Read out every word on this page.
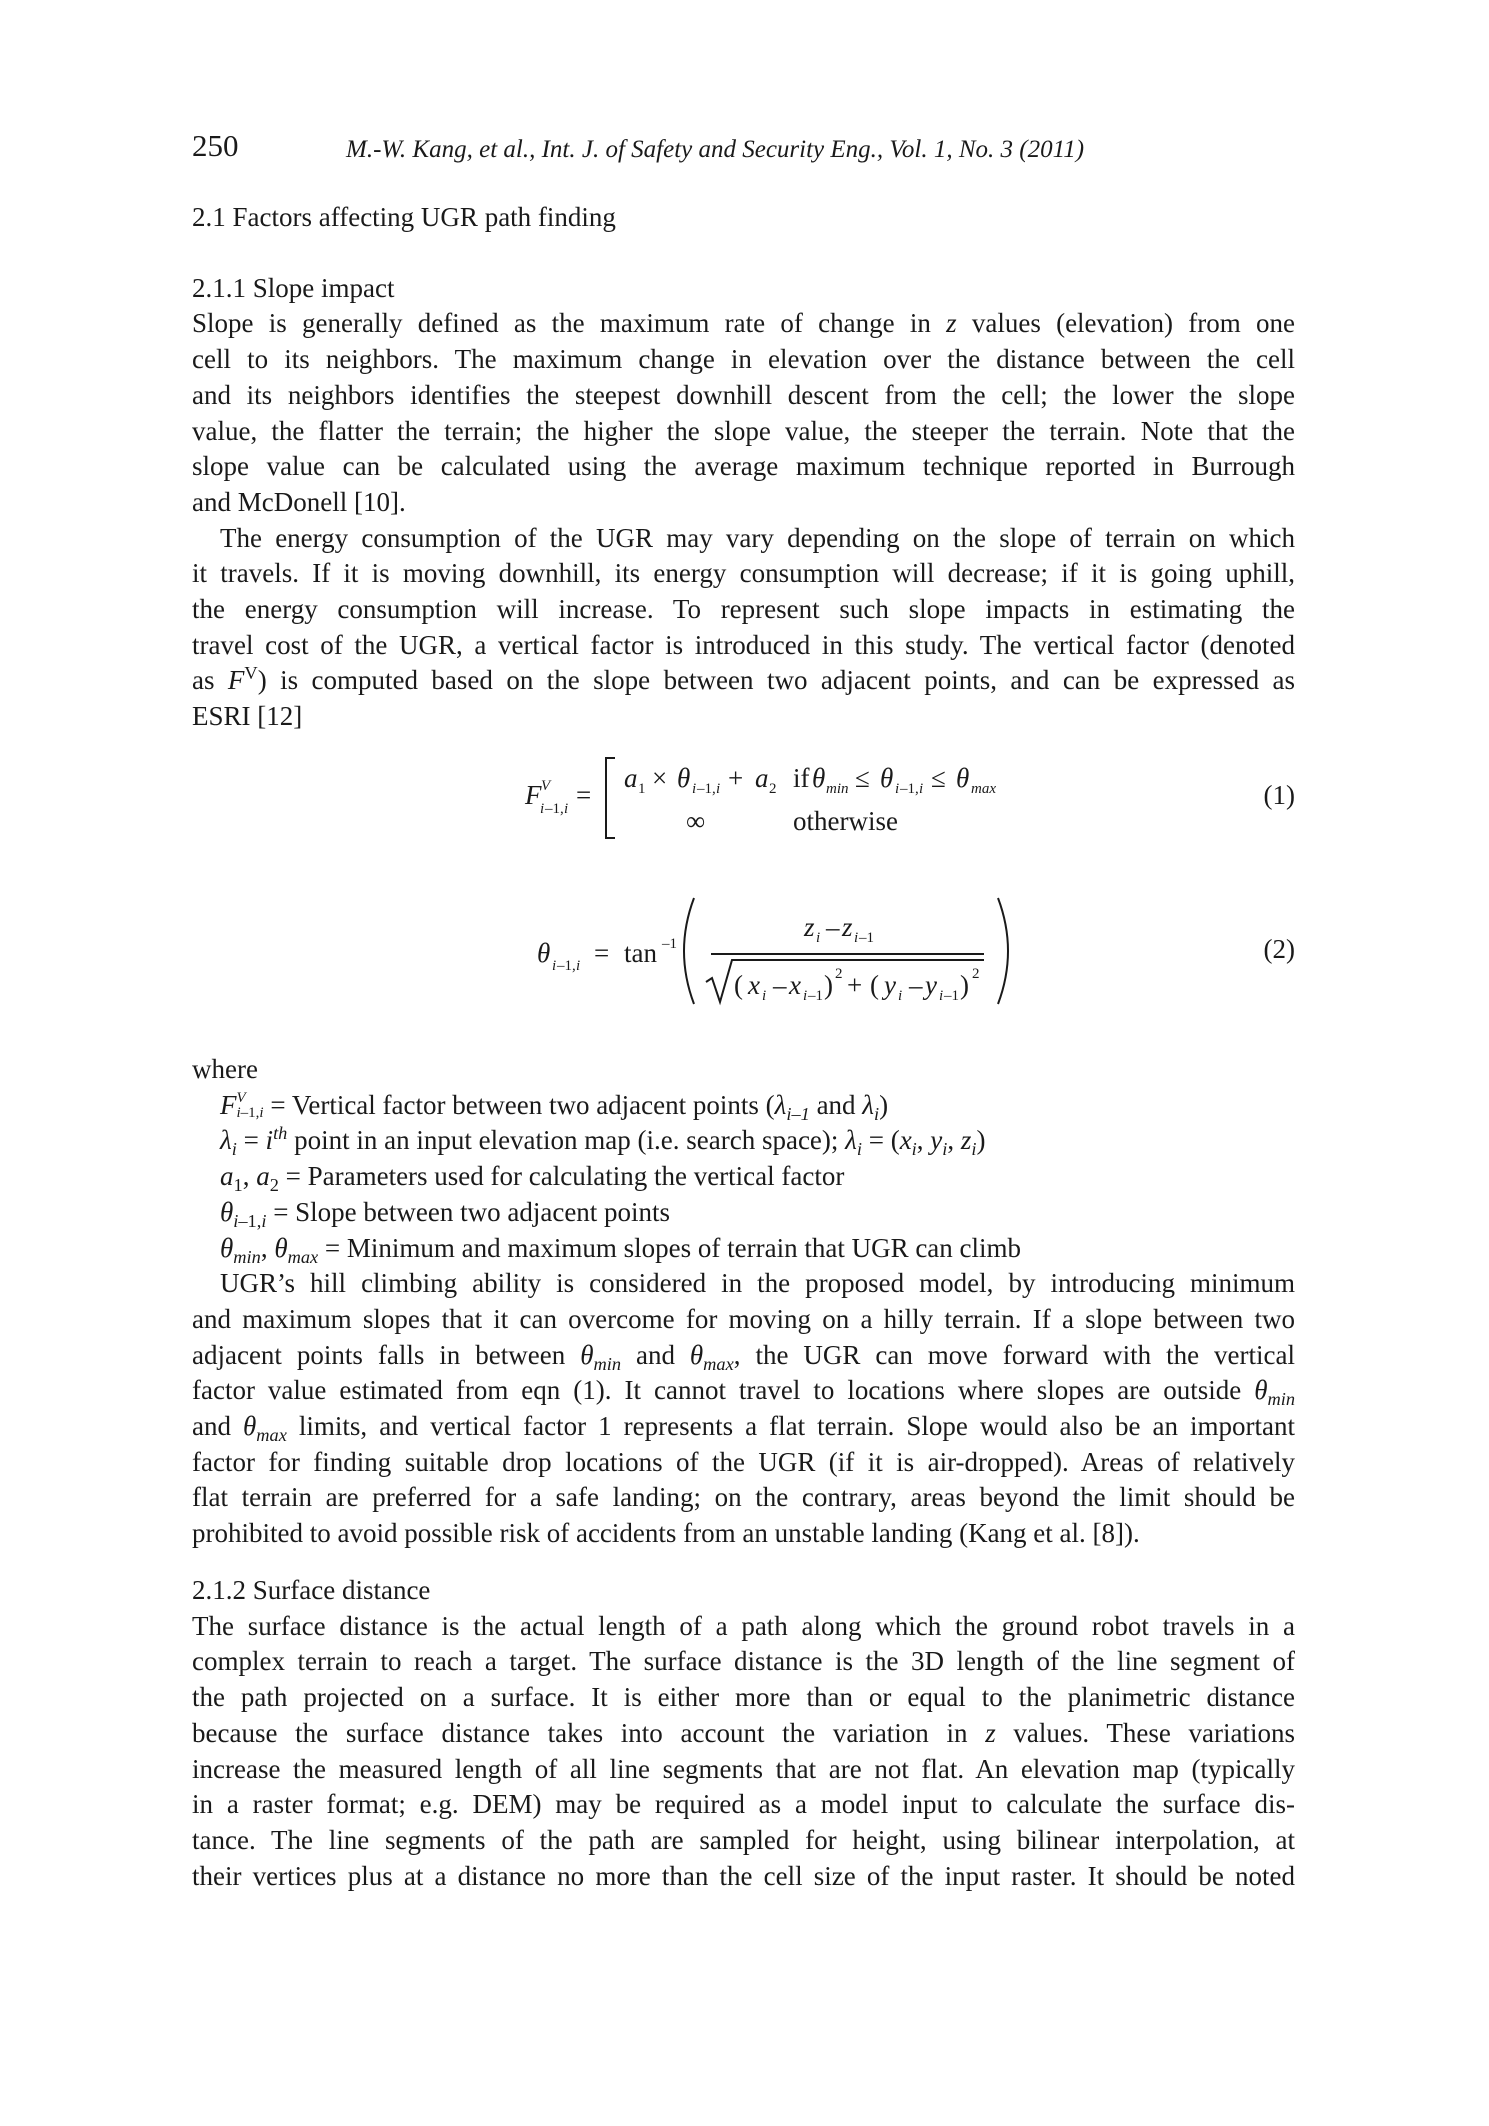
250	M.-W. Kang, et al., Int. J. of Safety and Security Eng., Vol. 1, No. 3 (2011)

2.1 Factors affecting UGR path finding

2.1.1 Slope impact

Slope is generally defined as the maximum rate of change in z values (elevation) from one
cell to its neighbors. The maximum change in elevation over the distance between the cell
and its neighbors identifies the steepest downhill descent from the cell; the lower the slope
value, the flatter the terrain; the higher the slope value, the steeper the terrain. Note that the
slope value can be calculated using the average maximum technique reported in Burrough
and McDonell [10].
The energy consumption of the UGR may vary depending on the slope of terrain on which
it travels. If it is moving downhill, its energy consumption will decrease; if it is going uphill,
the energy consumption will increase. To represent such slope impacts in estimating the
travel cost of the UGR, a vertical factor is introduced in this study. The vertical factor (denoted
as $F^V$) is computed based on the slope between two adjacent points, and can be expressed as
ESRI [12]
F V
i –1, i =
a 1 × θ i –1, i + a 2 if θ min ≤ θ i –1, i ≤ θ max
∞	otherwise
(1)
θ i –1, i = tan –1
z i – z i –1
( x i – x i –1 ) 2 + ( y i – y i –1 ) 2
(2)
where
F V
i–1,i = Vertical factor between two adjacent points ($\lambda_{i-1}$ and $\lambda_i$)
$\lambda_i = i^{th}$ point in an input elevation map (i.e. search space); $\lambda_i = (x_i$, $y_i$, $z_i$)
$a_1$, $a_2$ = Parameters used for calculating the vertical factor
$\theta_{i-1,i}$ = Slope between two adjacent points
$\theta_{min}$, $\theta_{max}$ = Minimum and maximum slopes of terrain that UGR can climb
UGR’s hill climbing ability is considered in the proposed model, by introducing minimum
and maximum slopes that it can overcome for moving on a hilly terrain. If a slope between two
adjacent points falls in between $\theta_{min}$ and $\theta_{max}$, the UGR can move forward with the vertical
factor value estimated from eqn (1). It cannot travel to locations where slopes are outside $\theta_{min}$
and $\theta_{max}$ limits, and vertical factor 1 represents a flat terrain. Slope would also be an important
factor for finding suitable drop locations of the UGR (if it is air-dropped). Areas of relatively
flat terrain are preferred for a safe landing; on the contrary, areas beyond the limit should be
prohibited to avoid possible risk of accidents from an unstable landing (Kang et al. [8]).

2.1.2 Surface distance

The surface distance is the actual length of a path along which the ground robot travels in a
complex terrain to reach a target. The surface distance is the 3D length of the line segment of
the path projected on a surface. It is either more than or equal to the planimetric distance
because the surface distance takes into account the variation in z values. These variations
increase the measured length of all line segments that are not flat. An elevation map (typically
in a raster format; e.g. DEM) may be required as a model input to calculate the surface dis-
tance. The line segments of the path are sampled for height, using bilinear interpolation, at
their vertices plus at a distance no more than the cell size of the input raster. It should be noted
